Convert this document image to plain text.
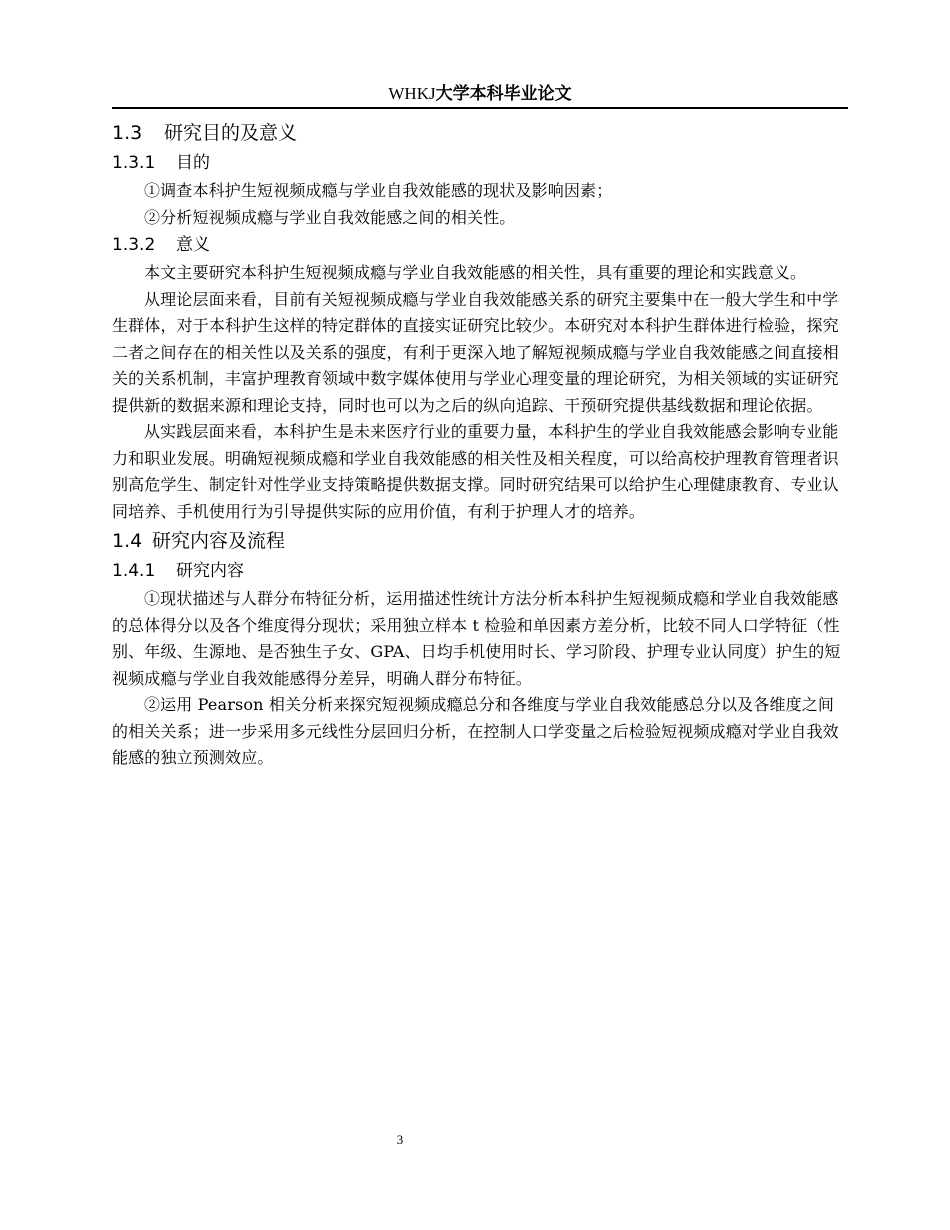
WHKJ大学本科毕业论文
1.3 研究目的及意义
1.3.1 目的

①调查本科护生短视频成瘾与学业自我效能感的现状及影响因素；

②分析短视频成瘾与学业自我效能感之间的相关性。

1.3.2 意义

本文主要研究本科护生短视频成瘾与学业自我效能感的相关性，具有重要的理论和实践意义。

从理论层面来看，目前有关短视频成瘾与学业自我效能感关系的研究主要集中在一般大学生和中学生群体，对于本科护生这样的特定群体的直接实证研究比较少。本研究对本科护生群体进行检验，探究二者之间存在的相关性以及关系的强度，有利于更深入地了解短视频成瘾与学业自我效能感之间直接相关的关系机制，丰富护理教育领域中数字媒体使用与学业心理变量的理论研究，为相关领域的实证研究提供新的数据来源和理论支持，同时也可以为之后的纵向追踪、干预研究提供基线数据和理论依据。

从实践层面来看，本科护生是未来医疗行业的重要力量，本科护生的学业自我效能感会影响专业能力和职业发展。明确短视频成瘾和学业自我效能感的相关性及相关程度，可以给高校护理教育管理者识别高危学生、制定针对性学业支持策略提供数据支撑。同时研究结果可以给护生心理健康教育、专业认同培养、手机使用行为引导提供实际的应用价值，有利于护理人才的培养。

1.4 研究内容及流程
1.4.1 研究内容

①现状描述与人群分布特征分析，运用描述性统计方法分析本科护生短视频成瘾和学业自我效能感的总体得分以及各个维度得分现状；采用独立样本 t 检验和单因素方差分析，比较不同人口学特征（性别、年级、生源地、是否独生子女、GPA、日均手机使用时长、学习阶段、护理专业认同度）护生的短视频成瘾与学业自我效能感得分差异，明确人群分布特征。

②运用 Pearson 相关分析来探究短视频成瘾总分和各维度与学业自我效能感总分以及各维度之间的相关关系；进一步采用多元线性分层回归分析，在控制人口学变量之后检验短视频成瘾对学业自我效能感的独立预测效应。

3
